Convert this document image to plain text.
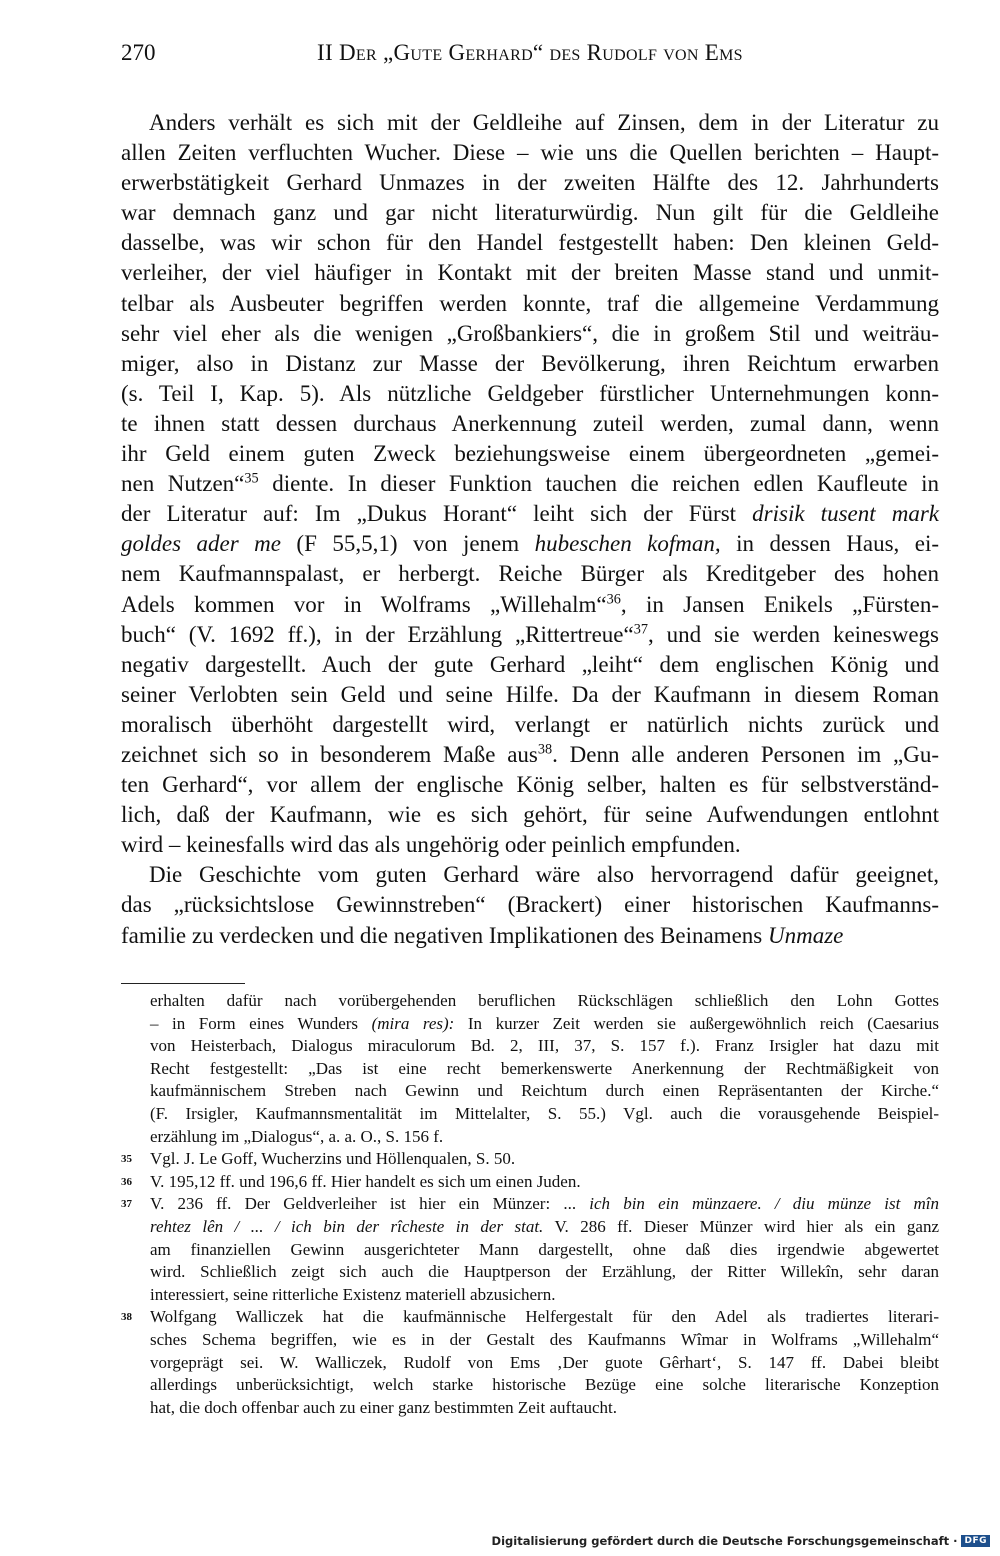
270	II Der „Gute Gerhard“ des Rudolf von Ems
Anders verhält es sich mit der Geldleihe auf Zinsen, dem in der Literatur zu
allen Zeiten verfluchten Wucher. Diese – wie uns die Quellen berichten – Haupt-
erwerbstätigkeit Gerhard Unmazes in der zweiten Hälfte des 12. Jahrhunderts
war demnach ganz und gar nicht literaturwürdig. Nun gilt für die Geldleihe
dasselbe, was wir schon für den Handel festgestellt haben: Den kleinen Geld-
verleiher, der viel häufiger in Kontakt mit der breiten Masse stand und unmit-
telbar als Ausbeuter begriffen werden konnte, traf die allgemeine Verdammung
sehr viel eher als die wenigen „Großbankiers“, die in großem Stil und weiträu-
miger, also in Distanz zur Masse der Bevölkerung, ihren Reichtum erwarben
(s. Teil I, Kap. 5). Als nützliche Geldgeber fürstlicher Unternehmungen konn-
te ihnen statt dessen durchaus Anerkennung zuteil werden, zumal dann, wenn
ihr Geld einem guten Zweck beziehungsweise einem übergeordneten „gemei-
nen Nutzen“$^{35}$ diente. In dieser Funktion tauchen die reichen edlen Kaufleute in
der Literatur auf: Im „Dukus Horant“ leiht sich der Fürst drisik tusent mark
goldes ader me (F 55,5,1) von jenem hubeschen kofman, in dessen Haus, ei-
nem Kaufmannspalast, er herbergt. Reiche Bürger als Kreditgeber des hohen
Adels kommen vor in Wolframs „Willehalm“$^{36}$, in Jansen Enikels „Fürsten-
buch“ (V. 1692 ff.), in der Erzählung „Rittertreue“$^{37}$, und sie werden keineswegs
negativ dargestellt. Auch der gute Gerhard „leiht“ dem englischen König und
seiner Verlobten sein Geld und seine Hilfe. Da der Kaufmann in diesem Roman
moralisch überhöht dargestellt wird, verlangt er natürlich nichts zurück und
zeichnet sich so in besonderem Maße aus$^{38}$. Denn alle anderen Personen im „Gu-
ten Gerhard“, vor allem der englische König selber, halten es für selbstverständ-
lich, daß der Kaufmann, wie es sich gehört, für seine Aufwendungen entlohnt
wird – keinesfalls wird das als ungehörig oder peinlich empfunden.
Die Geschichte vom guten Gerhard wäre also hervorragend dafür geeignet,
das „rücksichtslose Gewinnstreben“ (Brackert) einer historischen Kaufmanns-
familie zu verdecken und die negativen Implikationen des Beinamens Unmaze
erhalten dafür nach vorübergehenden beruflichen Rückschlägen schließlich den Lohn Gottes
– in Form eines Wunders (mira res): In kurzer Zeit werden sie außergewöhnlich reich (Caesarius
von Heisterbach, Dialogus miraculorum Bd. 2, III, 37, S. 157 f.). Franz Irsigler hat dazu mit
Recht festgestellt: „Das ist eine recht bemerkenswerte Anerkennung der Rechtmäßigkeit von
kaufmännischem Streben nach Gewinn und Reichtum durch einen Repräsentanten der Kirche.“
(F. Irsigler, Kaufmannsmentalität im Mittelalter, S. 55.) Vgl. auch die vorausgehende Beispiel-
erzählung im „Dialogus“, a. a. O., S. 156 f.
35 Vgl. J. Le Goff, Wucherzins und Höllenqualen, S. 50.
36 V. 195,12 ff. und 196,6 ff. Hier handelt es sich um einen Juden.
37 V. 236 ff. Der Geldverleiher ist hier ein Münzer: ... ich bin ein münzaere. / diu münze ist mîn
rehtez lên / ... / ich bin der rîcheste in der stat. V. 286 ff. Dieser Münzer wird hier als ein ganz
am finanziellen Gewinn ausgerichteter Mann dargestellt, ohne daß dies irgendwie abgewertet
wird. Schließlich zeigt sich auch die Hauptperson der Erzählung, der Ritter Willekîn, sehr daran
interessiert, seine ritterliche Existenz materiell abzusichern.
38 Wolfgang Walliczek hat die kaufmännische Helfergestalt für den Adel als tradiertes literari-
sches Schema begriffen, wie es in der Gestalt des Kaufmanns Wîmar in Wolframs „Willehalm“
vorgeprägt sei. W. Walliczek, Rudolf von Ems ‚Der guote Gêrhart‘, S. 147 ff. Dabei bleibt
allerdings unberücksichtigt, welch starke historische Bezüge eine solche literarische Konzeption
hat, die doch offenbar auch zu einer ganz bestimmten Zeit auftaucht.
Digitalisierung gefördert durch die Deutsche Forschungsgemeinschaft · DFG
